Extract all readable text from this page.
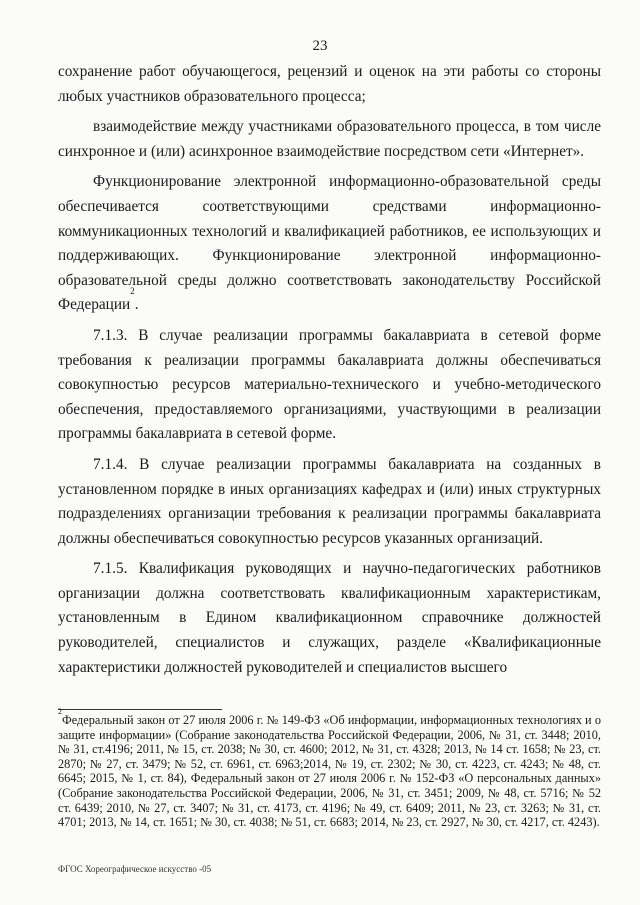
23

сохранение работ обучающегося, рецензий и оценок на эти работы со стороны любых участников образовательного процесса;

взаимодействие между участниками образовательного процесса, в том числе синхронное и (или) асинхронное взаимодействие посредством сети «Интернет».

Функционирование электронной информационно-образовательной среды обеспечивается соответствующими средствами информационно-коммуникационных технологий и квалификацией работников, ее использующих и поддерживающих. Функционирование электронной информационно-образовательной среды должно соответствовать законодательству Российской Федерации$^2$.

7.1.3. В случае реализации программы бакалавриата в сетевой форме требования к реализации программы бакалавриата должны обеспечиваться совокупностью ресурсов материально-технического и учебно-методического обеспечения, предоставляемого организациями, участвующими в реализации программы бакалавриата в сетевой форме.

7.1.4. В случае реализации программы бакалавриата на созданных в установленном порядке в иных организациях кафедрах и (или) иных структурных подразделениях организации требования к реализации программы бакалавриата должны обеспечиваться совокупностью ресурсов указанных организаций.

7.1.5. Квалификация руководящих и научно-педагогических работников организации должна соответствовать квалификационным характеристикам, установленным в Едином квалификационном справочнике должностей руководителей, специалистов и служащих, разделе «Квалификационные характеристики должностей руководителей и специалистов высшего

$^2$Федеральный закон от 27 июля 2006 г. № 149-ФЗ «Об информации, информационных технологиях и о защите информации» (Собрание законодательства Российской Федерации, 2006, № 31, ст. 3448; 2010, № 31, ст.4196; 2011, № 15, ст. 2038; № 30, ст. 4600; 2012, № 31, ст. 4328; 2013, № 14 ст. 1658; № 23, ст. 2870; № 27, ст. 3479; № 52, ст. 6961, ст. 6963;2014, № 19, ст. 2302; № 30, ст. 4223, ст. 4243; № 48, ст. 6645; 2015, № 1, ст. 84), Федеральный закон от 27 июля 2006 г. № 152-ФЗ «О персональных данных» (Собрание законодательства Российской Федерации, 2006, № 31, ст. 3451; 2009, № 48, ст. 5716; № 52 ст. 6439; 2010, № 27, ст. 3407; № 31, ст. 4173, ст. 4196; № 49, ст. 6409; 2011, № 23, ст. 3263; № 31, ст. 4701; 2013, № 14, ст. 1651; № 30, ст. 4038; № 51, ст. 6683; 2014, № 23, ст. 2927, № 30, ст. 4217, ст. 4243).

ФГОС Хореографическое искусство -05
